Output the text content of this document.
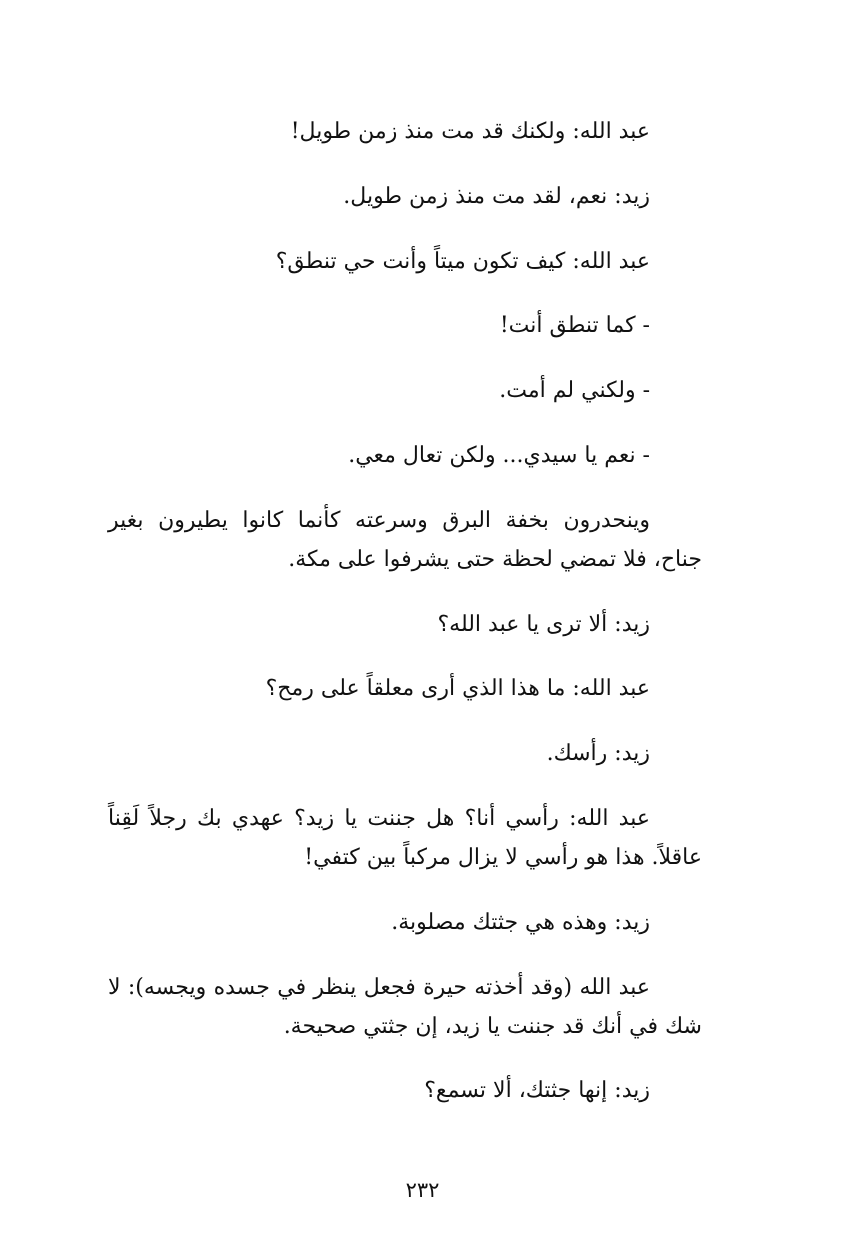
عبد الله: ولكنك قد مت منذ زمن طويل!

زيد: نعم، لقد مت منذ زمن طويل.

عبد الله: كيف تكون ميتاً وأنت حي تنطق؟

- كما تنطق أنت!

- ولكني لم أمت.

- نعم يا سيدي... ولكن تعال معي.

وينحدرون بخفة البرق وسرعته كأنما كانوا يطيرون بغير جناح، فلا تمضي لحظة حتى يشرفوا على مكة.

زيد: ألا ترى يا عبد الله؟

عبد الله: ما هذا الذي أرى معلقاً على رمح؟

زيد: رأسك.

عبد الله: رأسي أنا؟ هل جننت يا زيد؟ عهدي بك رجلاً لَقِناً عاقلاً. هذا هو رأسي لا يزال مركباً بين كتفي!

زيد: وهذه هي جثتك مصلوبة.

عبد الله (وقد أخذته حيرة فجعل ينظر في جسده ويجسه): لا شك في أنك قد جننت يا زيد، إن جثتي صحيحة.

زيد: إنها جثتك، ألا تسمع؟

٢٣٢
